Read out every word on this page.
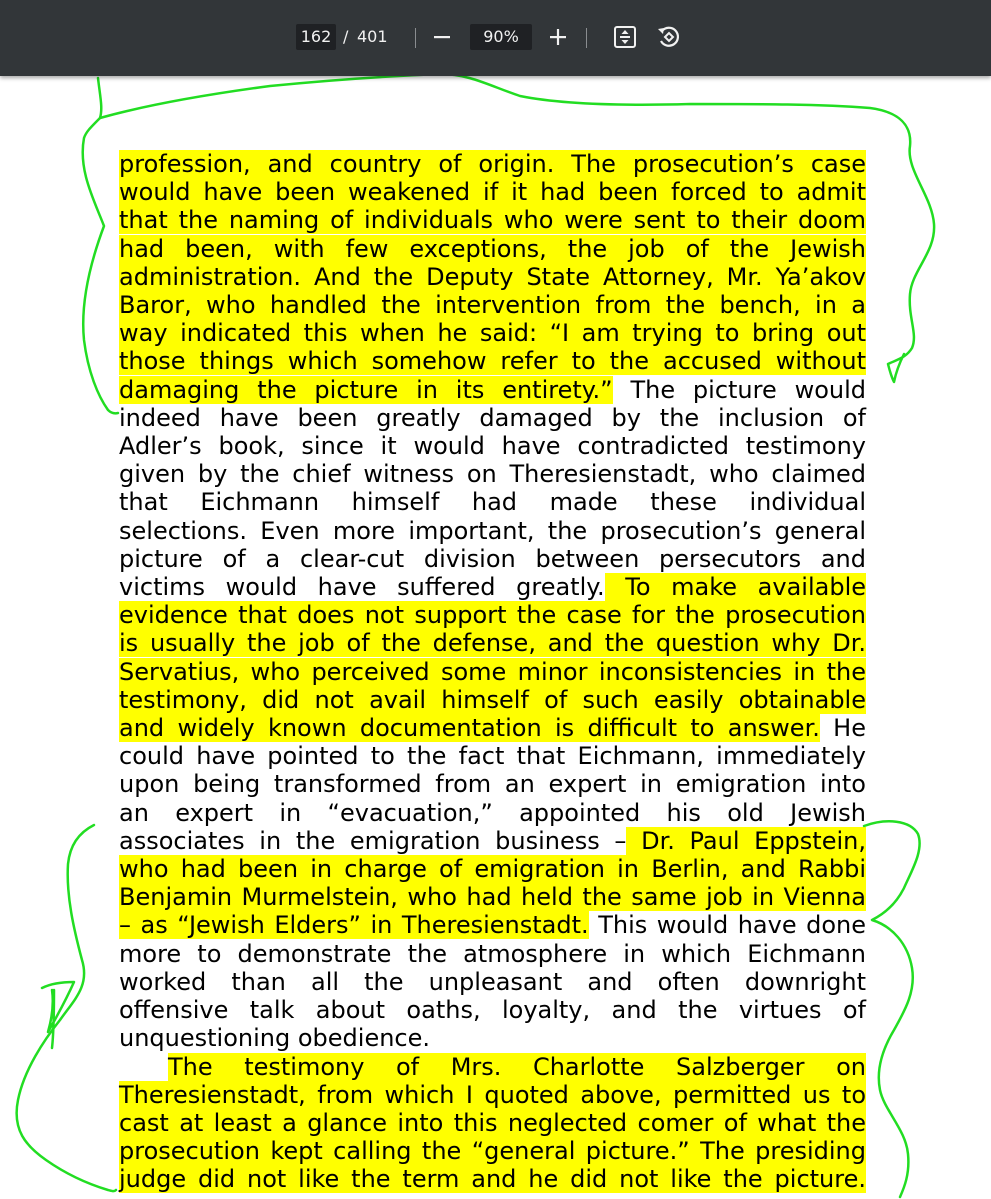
162 / 401	90%
profession, and country of origin. The prosecution’s case
would have been weakened if it had been forced to admit
that the naming of individuals who were sent to their doom
had been, with few exceptions, the job of the Jewish
administration. And the Deputy State Attorney, Mr. Ya’akov
Baror, who handled the intervention from the bench, in a
way indicated this when he said: “I am trying to bring out
those things which somehow refer to the accused without
damaging the picture in its entirety.” The picture would
indeed have been greatly damaged by the inclusion of
Adler’s book, since it would have contradicted testimony
given by the chief witness on Theresienstadt, who claimed
that Eichmann himself had made these individual
selections. Even more important, the prosecution’s general
picture of a clear-cut division between persecutors and
victims would have suffered greatly. To make available
evidence that does not support the case for the prosecution
is usually the job of the defense, and the question why Dr.
Servatius, who perceived some minor inconsistencies in the
testimony, did not avail himself of such easily obtainable
and widely known documentation is difficult to answer. He
could have pointed to the fact that Eichmann, immediately
upon being transformed from an expert in emigration into
an expert in “evacuation,” appointed his old Jewish
associates in the emigration business – Dr. Paul Eppstein,
who had been in charge of emigration in Berlin, and Rabbi
Benjamin Murmelstein, who had held the same job in Vienna
– as “Jewish Elders” in Theresienstadt. This would have done
more to demonstrate the atmosphere in which Eichmann
worked than all the unpleasant and often downright
offensive talk about oaths, loyalty, and the virtues of
unquestioning obedience.
The testimony of Mrs. Charlotte Salzberger on
Theresienstadt, from which I quoted above, permitted us to
cast at least a glance into this neglected comer of what the
prosecution kept calling the “general picture.” The presiding
judge did not like the term and he did not like the picture.
